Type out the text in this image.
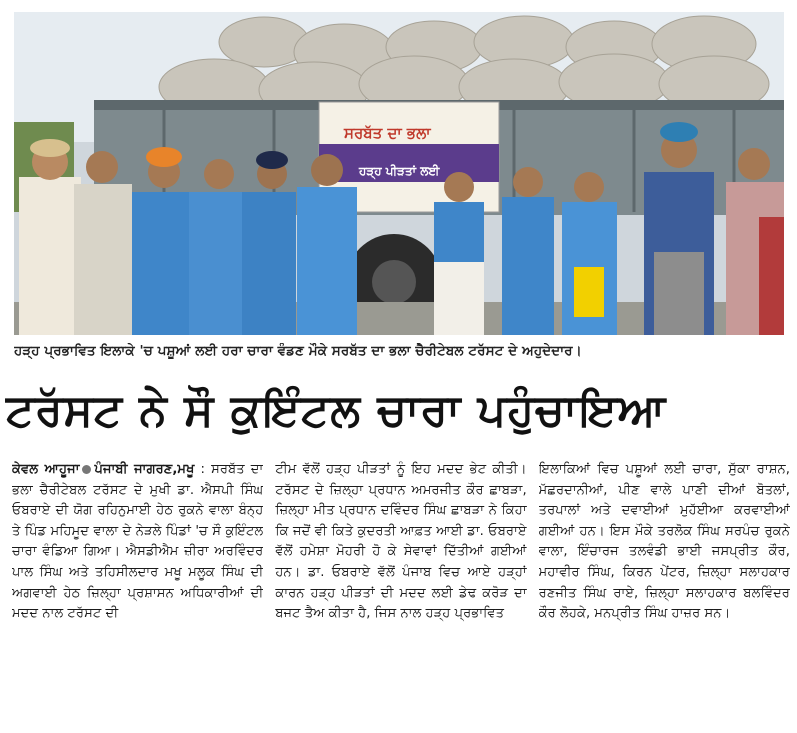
ਸਰਬੱਤ ਦਾ ਭਲਾ
ਹੜ੍ਹ ਪੀੜਤਾਂ ਲਈ
ਹੜ੍ਹ ਪ੍ਰਭਾਵਿਤ ਇਲਾਕੇ 'ਚ ਪਸ਼ੂਆਂ ਲਈ ਹਰਾ ਚਾਰਾ ਵੰਡਣ ਮੌਕੇ ਸਰਬੱਤ ਦਾ ਭਲਾ ਚੈਰੀਟੇਬਲ ਟਰੱਸਟ ਦੇ ਅਹੁਦੇਦਾਰ।
ਟਰੱਸਟ ਨੇ ਸੌ ਕੁਇੰਟਲ ਚਾਰਾ ਪਹੁੰਚਾਇਆ
ਕੇਵਲ ਆਹੂਜਾ ਪੰਜਾਬੀ ਜਾਗਰਣ,ਮਖੂ : ਸਰਬੱਤ ਦਾ ਭਲਾ ਚੈਰੀਟੇਬਲ ਟਰੱਸਟ ਦੇ ਮੁਖੀ ਡਾ. ਐਸਪੀ ਸਿੰਘ ਓਬਰਾਏ ਦੀ ਯੋਗ ਰਹਿਨੁਮਾਈ ਹੇਠ ਰੁਕਨੇ ਵਾਲਾ ਬੰਨ੍ਹ ਤੇ ਪਿੰਡ ਮਹਿਮੂਦ ਵਾਲਾ ਦੇ ਨੇੜਲੇ ਪਿੰਡਾਂ 'ਚ ਸੌ ਕੁਇੰਟਲ ਚਾਰਾ ਵੰਡਿਆ ਗਿਆ। ਐਸਡੀਐਮ ਜ਼ੀਰਾ ਅਰਵਿੰਦਰ ਪਾਲ ਸਿੰਘ ਅਤੇ ਤਹਿਸੀਲਦਾਰ ਮਖੂ ਮਲੂਕ ਸਿੰਘ ਦੀ ਅਗਵਾਈ ਹੇਠ ਜ਼ਿਲ੍ਹਾ ਪ੍ਰਸ਼ਾਸਨ ਅਧਿਕਾਰੀਆਂ ਦੀ ਮਦਦ ਨਾਲ ਟਰੱਸਟ ਦੀ
ਟੀਮ ਵੱਲੋਂ ਹੜ੍ਹ ਪੀੜਤਾਂ ਨੂੰ ਇਹ ਮਦਦ ਭੇਟ ਕੀਤੀ। ਟਰੱਸਟ ਦੇ ਜ਼ਿਲ੍ਹਾ ਪ੍ਰਧਾਨ ਅਮਰਜੀਤ ਕੌਰ ਛਾਬੜਾ, ਜ਼ਿਲ੍ਹਾ ਮੀਤ ਪ੍ਰਧਾਨ ਦਵਿੰਦਰ ਸਿੰਘ ਛਾਬੜਾ ਨੇ ਕਿਹਾ ਕਿ ਜਦੋਂ ਵੀ ਕਿਤੇ ਕੁਦਰਤੀ ਆਫ਼ਤ ਆਈ ਡਾ. ਓਬਰਾਏ ਵੱਲੋਂ ਹਮੇਸ਼ਾ ਮੋਹਰੀ ਹੋ ਕੇ ਸੇਵਾਵਾਂ ਦਿੱਤੀਆਂ ਗਈਆਂ ਹਨ। ਡਾ. ਓਬਰਾਏ ਵੱਲੋਂ ਪੰਜਾਬ ਵਿਚ ਆਏ ਹੜ੍ਹਾਂ ਕਾਰਨ ਹੜ੍ਹ ਪੀੜਤਾਂ ਦੀ ਮਦਦ ਲਈ ਡੇਢ ਕਰੋੜ ਦਾ ਬਜਟ ਤੈਅ ਕੀਤਾ ਹੈ, ਜਿਸ ਨਾਲ ਹੜ੍ਹ ਪ੍ਰਭਾਵਿਤ
ਇਲਾਕਿਆਂ ਵਿਚ ਪਸ਼ੂਆਂ ਲਈ ਚਾਰਾ, ਸੁੱਕਾ ਰਾਸ਼ਨ, ਮੱਛਰਦਾਨੀਆਂ, ਪੀਣ ਵਾਲੇ ਪਾਣੀ ਦੀਆਂ ਬੋਤਲਾਂ, ਤਰਪਾਲਾਂ ਅਤੇ ਦਵਾਈਆਂ ਮੁਹੱਈਆ ਕਰਵਾਈਆਂ ਗਈਆਂ ਹਨ। ਇਸ ਮੌਕੇ ਤਰਲੋਕ ਸਿੰਘ ਸਰਪੰਚ ਰੁਕਨੇ ਵਾਲਾ, ਇੰਚਾਰਜ ਤਲਵੰਡੀ ਭਾਈ ਜਸਪ੍ਰੀਤ ਕੌਰ, ਮਹਾਵੀਰ ਸਿੰਘ, ਕਿਰਨ ਪੇਂਟਰ, ਜ਼ਿਲ੍ਹਾ ਸਲਾਹਕਾਰ ਰਣਜੀਤ ਸਿੰਘ ਰਾਏ, ਜ਼ਿਲ੍ਹਾ ਸਲਾਹਕਾਰ ਬਲਵਿੰਦਰ ਕੌਰ ਲੋਹਕੇ, ਮਨਪ੍ਰੀਤ ਸਿੰਘ ਹਾਜ਼ਰ ਸਨ।
